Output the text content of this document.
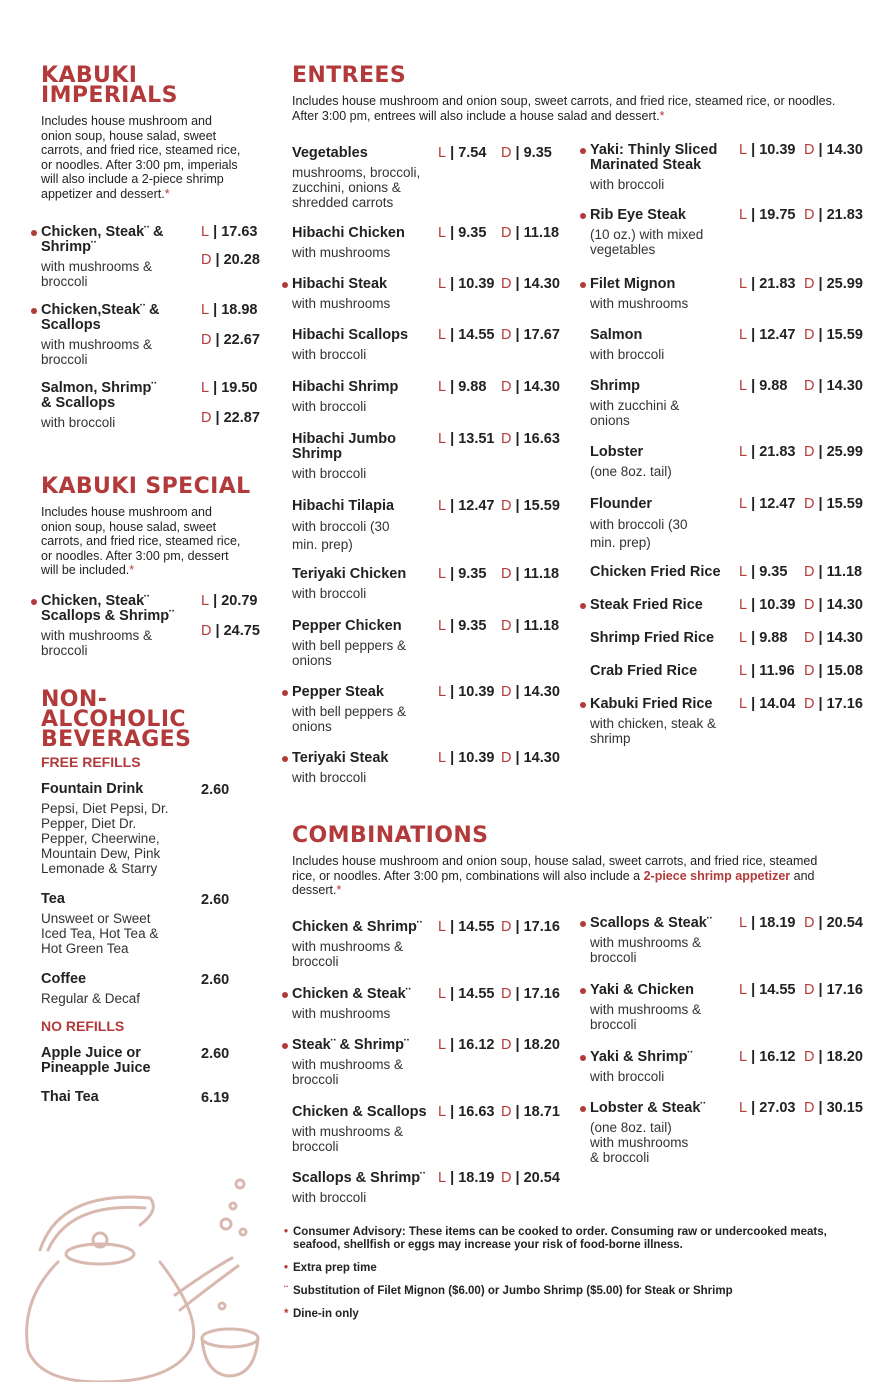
KABUKI IMPERIALS
Includes house mushroom and onion soup, house salad, sweet carrots, and fried rice, steamed rice, or noodles. After 3:00 pm, imperials will also include a 2-piece shrimp appetizer and dessert.*
Chicken, Steak¨ & Shrimp¨
with mushrooms & broccoli
L | 17.63
D | 20.28
Chicken,Steak¨ & Scallops
with mushrooms & broccoli
L | 18.98
D | 22.67
Salmon, Shrimp¨ & Scallops
with broccoli
L | 19.50
D | 22.87
KABUKI SPECIAL
Includes house mushroom and onion soup, house salad, sweet carrots, and fried rice, steamed rice, or noodles. After 3:00 pm, dessert will be included.*
Chicken, Steak¨ Scallops & Shrimp¨
with mushrooms & broccoli
L | 20.79
D | 24.75
NON-ALCOHOLIC BEVERAGES
FREE REFILLS
Fountain Drink
Pepsi, Diet Pepsi, Dr. Pepper, Diet Dr. Pepper, Cheerwine, Mountain Dew, Pink Lemonade & Starry
2.60
Tea
Unsweet or Sweet Iced Tea, Hot Tea & Hot Green Tea
2.60
Coffee
Regular & Decaf
2.60
NO REFILLS
Apple Juice or Pineapple Juice
2.60
Thai Tea	6.19
ENTREES
Includes house mushroom and onion soup, sweet carrots, and fried rice, steamed rice, or noodles. After 3:00 pm, entrees will also include a house salad and dessert.*
Vegetables
mushrooms, broccoli, zucchini, onions & shredded carrots
L | 7.54 D | 9.35
Hibachi Chicken
with mushrooms
L | 9.35 D | 11.18
Hibachi Steak
with mushrooms
L | 10.39 D | 14.30
Hibachi Scallops
with broccoli
L | 14.55 D | 17.67
Hibachi Shrimp
with broccoli
L | 9.88 D | 14.30
Hibachi Jumbo Shrimp
with broccoli
L | 13.51 D | 16.63
Hibachi Tilapia
with broccoli (30 min. prep)
L | 12.47 D | 15.59
Teriyaki Chicken
with broccoli
L | 9.35 D | 11.18
Pepper Chicken
with bell peppers & onions
L | 9.35 D | 11.18
Pepper Steak
with bell peppers & onions
L | 10.39 D | 14.30
Teriyaki Steak
with broccoli
L | 10.39 D | 14.30
Yaki: Thinly Sliced Marinated Steak
with broccoli
L | 10.39 D | 14.30
Rib Eye Steak
(10 oz.) with mixed vegetables
L | 19.75 D | 21.83
Filet Mignon
with mushrooms
L | 21.83 D | 25.99
Salmon
with broccoli
L | 12.47 D | 15.59
Shrimp
with zucchini & onions
L | 9.88 D | 14.30
Lobster
(one 8oz. tail)
L | 21.83 D | 25.99
Flounder
with broccoli (30 min. prep)
L | 12.47 D | 15.59
Chicken Fried Rice	L | 9.35 D | 11.18
Steak Fried Rice	L | 10.39 D | 14.30
Shrimp Fried Rice	L | 9.88 D | 14.30
Crab Fried Rice	L | 11.96 D | 15.08
Kabuki Fried Rice
with chicken, steak & shrimp
L | 14.04 D | 17.16
COMBINATIONS
Includes house mushroom and onion soup, house salad, sweet carrots, and fried rice, steamed rice, or noodles. After 3:00 pm, combinations will also include a 2-piece shrimp appetizer and dessert.*
Chicken & Shrimp¨
with mushrooms & broccoli
L | 14.55 D | 17.16
Chicken & Steak¨
with mushrooms
L | 14.55 D | 17.16
Steak¨ & Shrimp¨
with mushrooms & broccoli
L | 16.12 D | 18.20
Chicken & Scallops
with mushrooms & broccoli
L | 16.63 D | 18.71
Scallops & Shrimp¨
with broccoli
L | 18.19 D | 20.54
Scallops & Steak¨
with mushrooms & broccoli
L | 18.19 D | 20.54
Yaki & Chicken
with mushrooms & broccoli
L | 14.55 D | 17.16
Yaki & Shrimp¨
with broccoli
L | 16.12 D | 18.20
Lobster & Steak¨
(one 8oz. tail) with mushrooms & broccoli
L | 27.03 D | 30.15
• Consumer Advisory: These items can be cooked to order. Consuming raw or undercooked meats, seafood, shellfish or eggs may increase your risk of food-borne illness.
• Extra prep time
¨ Substitution of Filet Mignon ($6.00) or Jumbo Shrimp ($5.00) for Steak or Shrimp
* Dine-in only
